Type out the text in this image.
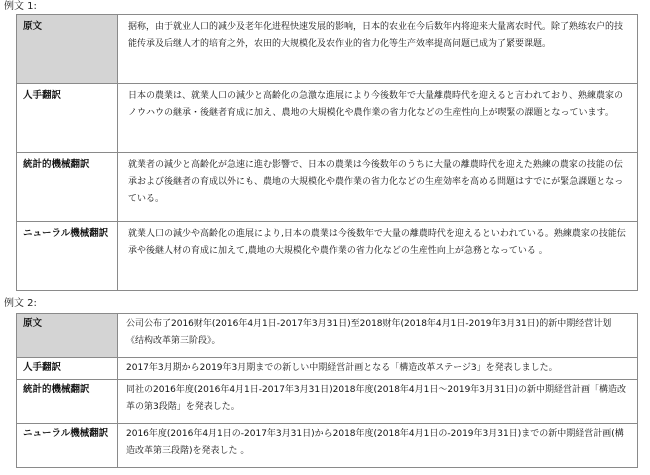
例文 1:
原文	据称，由于就业人口的减少及老年化进程快速发展的影响，日本的农业在今后数年内将迎来大量离农时代。除了熟练农户的技能传承及后继人才的培育之外，农田的大规模化及农作业的省力化等生产效率提高问题已成为了紧要课题。
人手翻訳	日本の農業は、就業人口の減少と高齢化の急激な進展により今後数年で大量離農時代を迎えると言われており、熟練農家のノウハウの継承・後継者育成に加え、農地の大規模化や農作業の省力化などの生産性向上が喫緊の課題となっています。
統計的機械翻訳	就業者の減少と高齢化が急速に進む影響で、日本の農業は今後数年のうちに大量の離農時代を迎えた熟練の農家の技能の伝承および後継者の育成以外にも、農地の大規模化や農作業の省力化などの生産効率を高める問題はすでにが緊急課題となっている。
ニューラル機械翻訳	就業人口の減少や高齢化の進展により,日本の農業は今後数年で大量の離農時代を迎えるといわれている。熟練農家の技能伝承や後継人材の育成に加えて,農地の大規模化や農作業の省力化などの生産性向上が急務となっている 。
例文 2:
原文	公司公布了2016财年(2016年4月1日-2017年3月31日)至2018财年(2018年4月1日-2019年3月31日)的新中期经营计划《结构改革第三阶段》。
人手翻訳	2017年3月期から2019年3月期までの新しい中期経営計画となる「構造改革ステージ3」を発表しました。
統計的機械翻訳	同社の2016年度(2016年4月1日-2017年3月31日)2018年度(2018年4月1日～2019年3月31日)の新中期経営計画「構造改革の第3段階」を発表した。
ニューラル機械翻訳	2016年度(2016年4月1日の-2017年3月31日)から2018年度(2018年4月1日の-2019年3月31日)までの新中期経営計画(構造改革第三段階)を発表した 。
